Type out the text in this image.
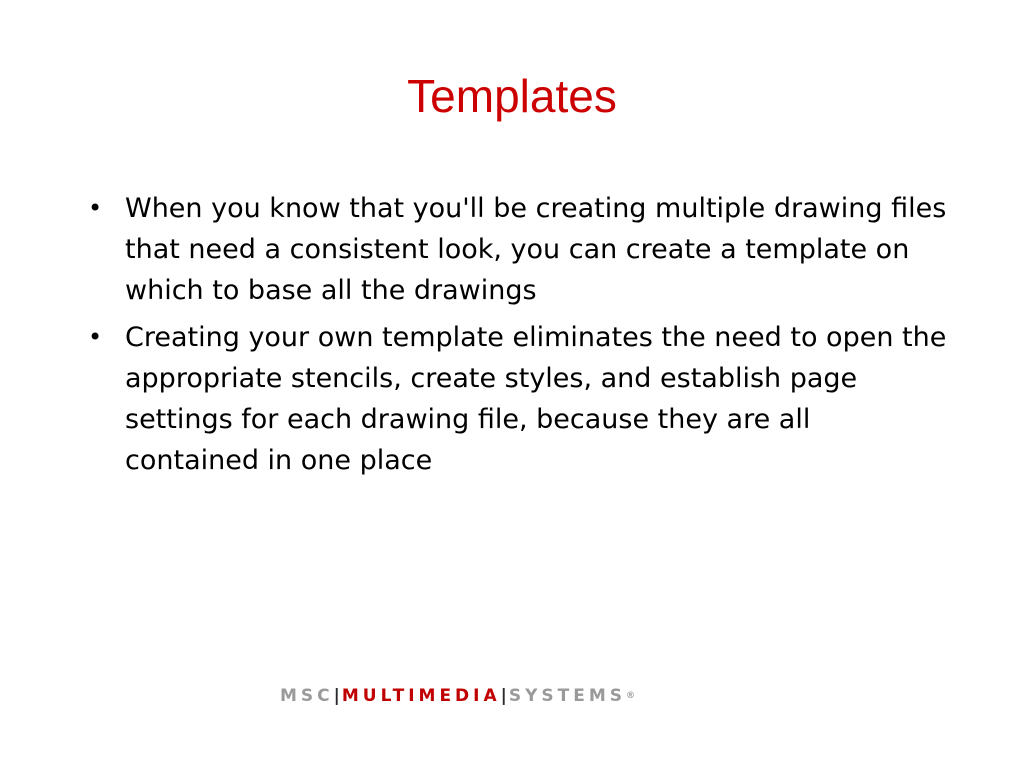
Templates
• When you know that you'll be creating multiple drawing files that need a consistent look, you can create a template on which to base all the drawings
• Creating your own template eliminates the need to open the appropriate stencils, create styles, and establish page settings for each drawing file, because they are all contained in one place
MSC|MULTIMEDIA|SYSTEMS®
